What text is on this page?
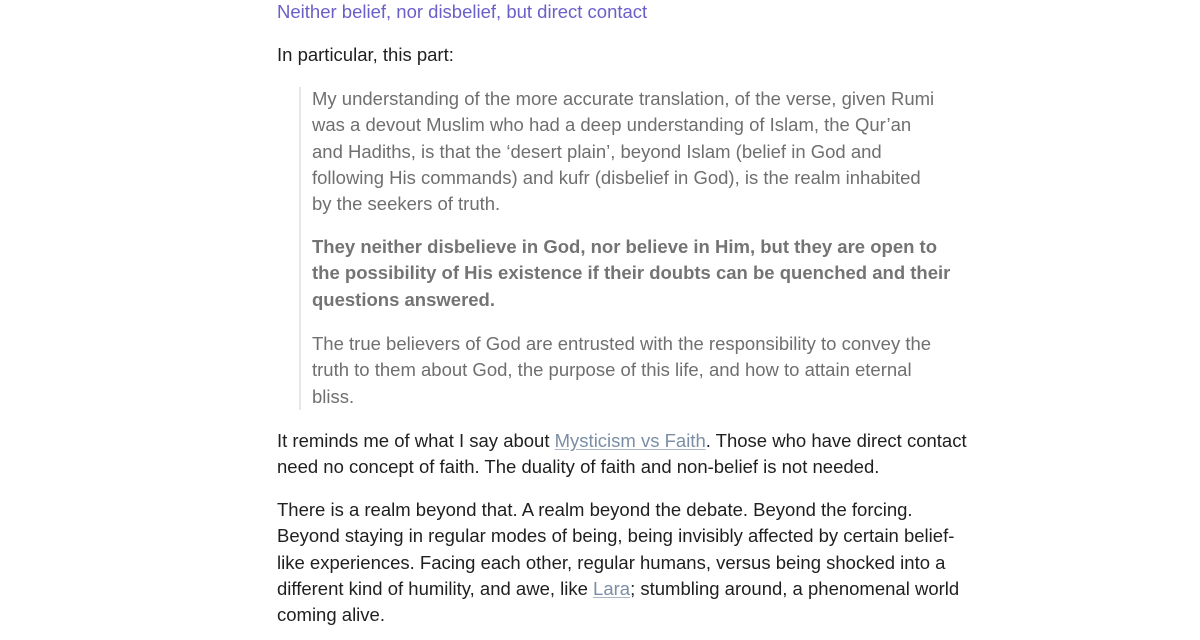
Neither belief, nor disbelief, but direct contact

In particular, this part:

My understanding of the more accurate translation, of the verse, given Rumi
was a devout Muslim who had a deep understanding of Islam, the Qur’an
and Hadiths, is that the ‘desert plain’, beyond Islam (belief in God and
following His commands) and kufr (disbelief in God), is the realm inhabited
by the seekers of truth.

They neither disbelieve in God, nor believe in Him, but they are open to
the possibility of His existence if their doubts can be quenched and their
questions answered.

The true believers of God are entrusted with the responsibility to convey the
truth to them about God, the purpose of this life, and how to attain eternal
bliss.

It reminds me of what I say about Mysticism vs Faith. Those who have direct contact
need no concept of faith. The duality of faith and non-belief is not needed.

There is a realm beyond that. A realm beyond the debate. Beyond the forcing.
Beyond staying in regular modes of being, being invisibly affected by certain belief-
like experiences. Facing each other, regular humans, versus being shocked into a
different kind of humility, and awe, like Lara; stumbling around, a phenomenal world
coming alive.
